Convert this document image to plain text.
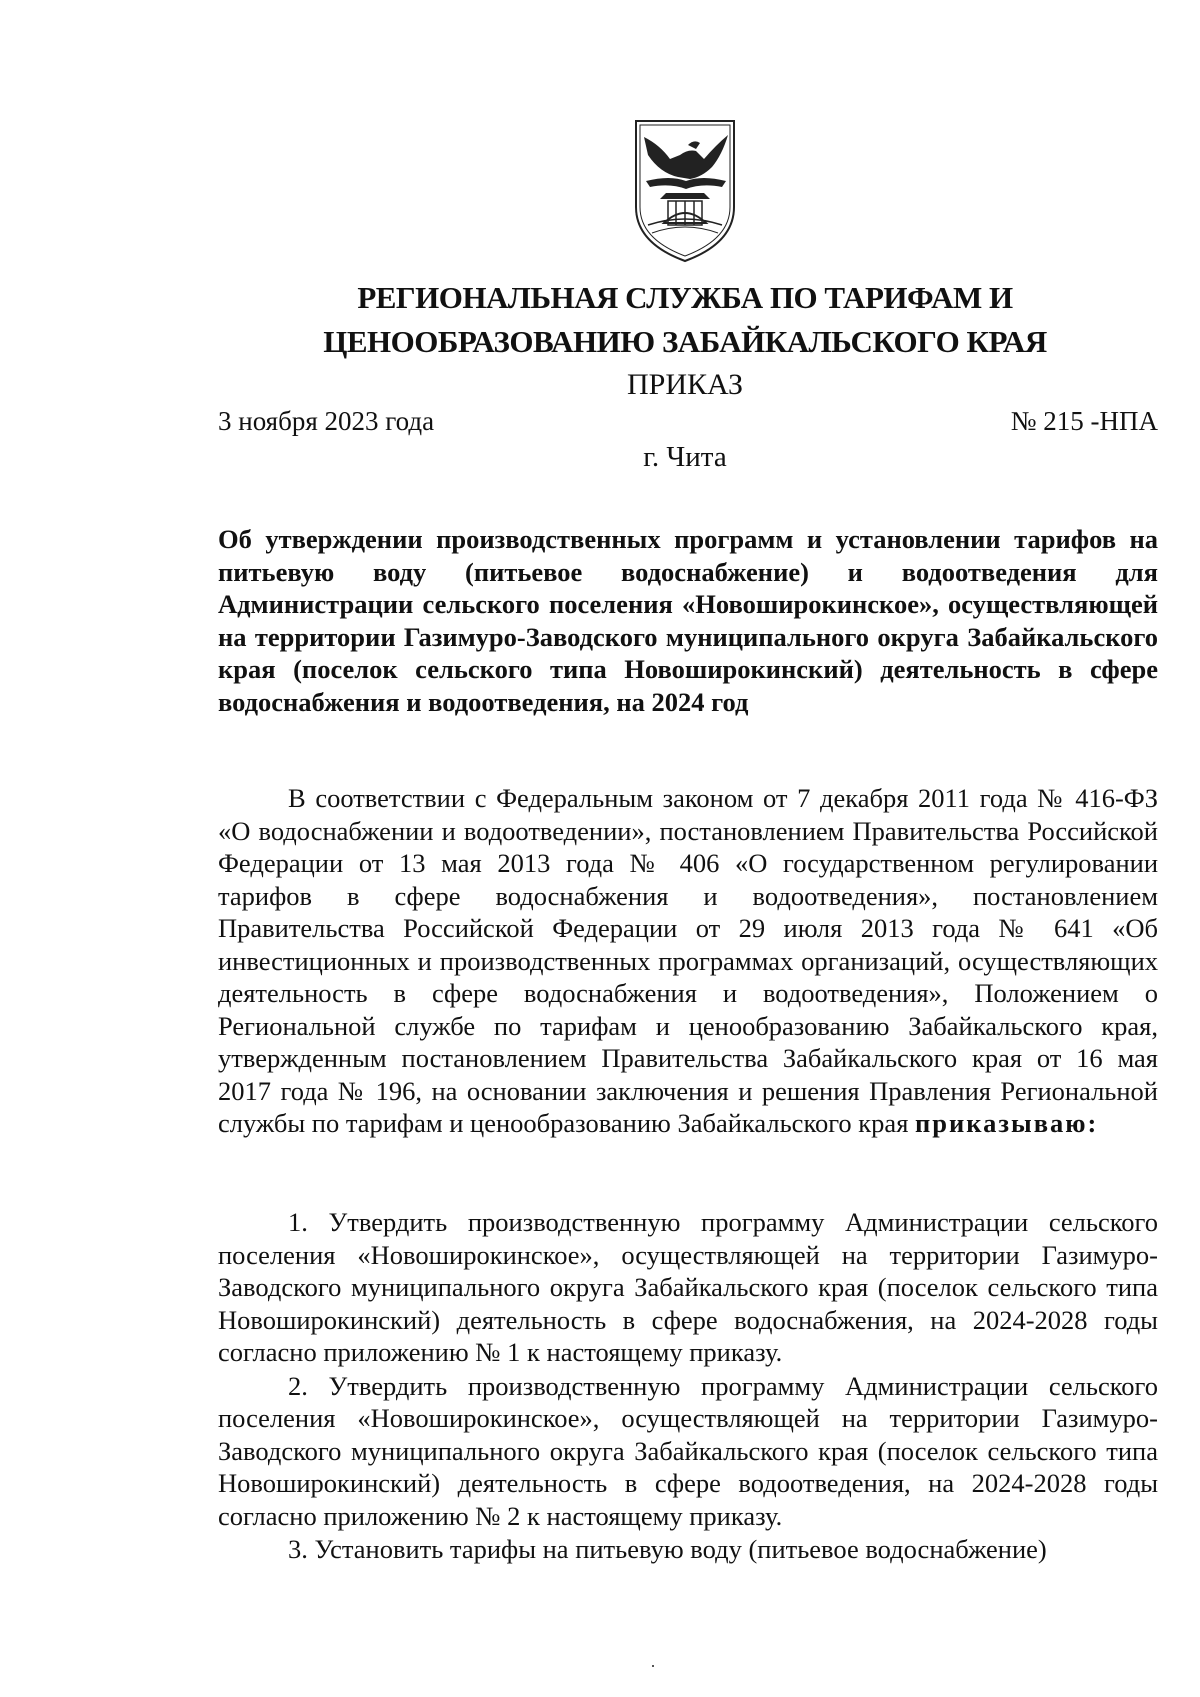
РЕГИОНАЛЬНАЯ СЛУЖБА ПО ТАРИФАМ И
ЦЕНООБРАЗОВАНИЮ ЗАБАЙКАЛЬСКОГО КРАЯ
ПРИКАЗ
3 ноября 2023 года	№ 215 -НПА
г. Чита
Об утверждении производственных программ и установлении тарифов на питьевую воду (питьевое водоснабжение) и водоотведения для Администрации сельского поселения «Новоширокинское», осуществляющей на территории Газимуро-Заводского муниципального округа Забайкальского края (поселок сельского типа Новоширокинский) деятельность в сфере водоснабжения и водоотведения, на 2024 год

В соответствии с Федеральным законом от 7 декабря 2011 года № 416-ФЗ «О водоснабжении и водоотведении», постановлением Правительства Российской Федерации от 13 мая 2013 года № 406 «О государственном регулировании тарифов в сфере водоснабжения и водоотведения», постановлением Правительства Российской Федерации от 29 июля 2013 года № 641 «Об инвестиционных и производственных программах организаций, осуществляющих деятельность в сфере водоснабжения и водоотведения», Положением о Региональной службе по тарифам и ценообразованию Забайкальского края, утвержденным постановлением Правительства Забайкальского края от 16 мая 2017 года № 196, на основании заключения и решения Правления Региональной службы по тарифам и ценообразованию Забайкальского края приказываю:

1. Утвердить производственную программу Администрации сельского поселения «Новоширокинское», осуществляющей на территории Газимуро-Заводского муниципального округа Забайкальского края (поселок сельского типа Новоширокинский) деятельность в сфере водоснабжения, на 2024-2028 годы согласно приложению № 1 к настоящему приказу.

2. Утвердить производственную программу Администрации сельского поселения «Новоширокинское», осуществляющей на территории Газимуро-Заводского муниципального округа Забайкальского края (поселок сельского типа Новоширокинский) деятельность в сфере водоотведения, на 2024-2028 годы согласно приложению № 2 к настоящему приказу.

3. Установить тарифы на питьевую воду (питьевое водоснабжение)
